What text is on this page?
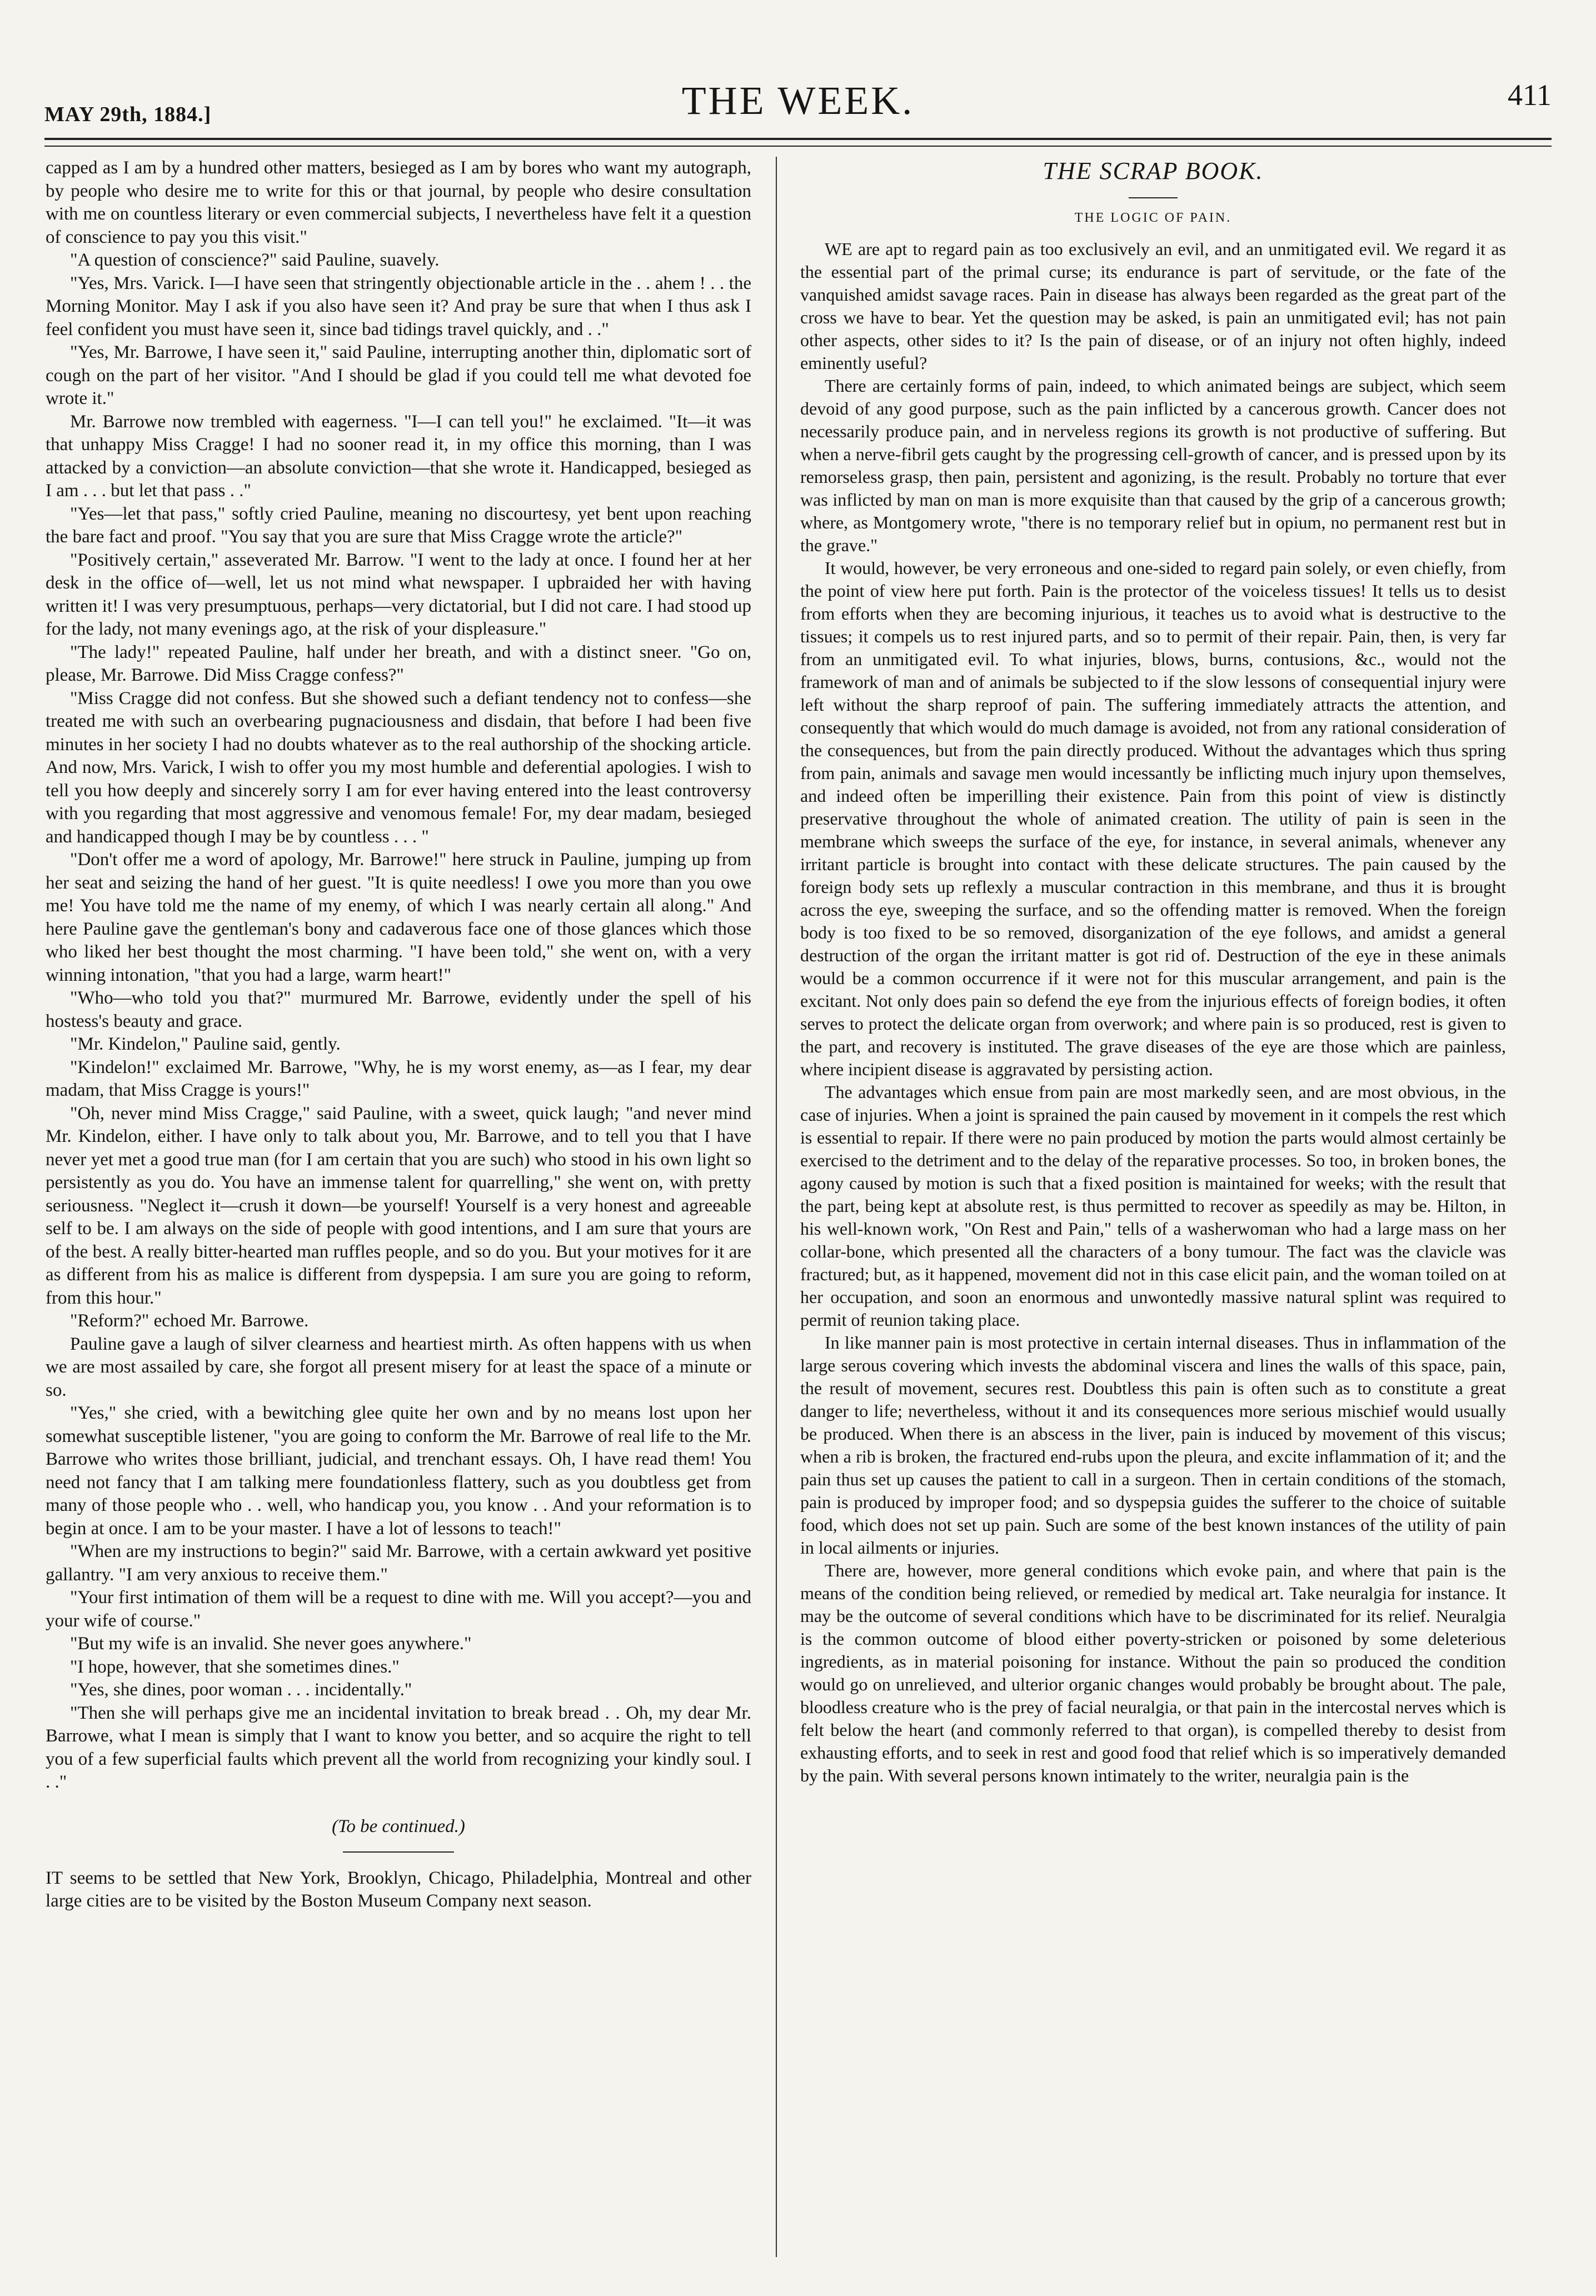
MAY 29th, 1884.]	THE WEEK.	411

capped as I am by a hundred other matters, besieged as I am by bores who want my autograph, by people who desire me to write for this or that journal, by people who desire consultation with me on countless literary or even commercial subjects, I nevertheless have felt it a question of conscience to pay you this visit."

"A question of conscience?" said Pauline, suavely.

"Yes, Mrs. Varick. I—I have seen that stringently objectionable article in the . . ahem ! . . the Morning Monitor. May I ask if you also have seen it? And pray be sure that when I thus ask I feel confident you must have seen it, since bad tidings travel quickly, and . ."

"Yes, Mr. Barrowe, I have seen it," said Pauline, interrupting another thin, diplomatic sort of cough on the part of her visitor. "And I should be glad if you could tell me what devoted foe wrote it."

Mr. Barrowe now trembled with eagerness. "I—I can tell you!" he exclaimed. "It—it was that unhappy Miss Cragge! I had no sooner read it, in my office this morning, than I was attacked by a conviction—an absolute conviction—that she wrote it. Handicapped, besieged as I am . . . but let that pass . ."

"Yes—let that pass," softly cried Pauline, meaning no discourtesy, yet bent upon reaching the bare fact and proof. "You say that you are sure that Miss Cragge wrote the article?"

"Positively certain," asseverated Mr. Barrow. "I went to the lady at once. I found her at her desk in the office of—well, let us not mind what newspaper. I upbraided her with having written it! I was very presumptuous, perhaps—very dictatorial, but I did not care. I had stood up for the lady, not many evenings ago, at the risk of your displeasure."

"The lady!" repeated Pauline, half under her breath, and with a distinct sneer. "Go on, please, Mr. Barrowe. Did Miss Cragge confess?"

"Miss Cragge did not confess. But she showed such a defiant tendency not to confess—she treated me with such an overbearing pugnaciousness and disdain, that before I had been five minutes in her society I had no doubts whatever as to the real authorship of the shocking article. And now, Mrs. Varick, I wish to offer you my most humble and deferential apologies. I wish to tell you how deeply and sincerely sorry I am for ever having entered into the least controversy with you regarding that most aggressive and venomous female! For, my dear madam, besieged and handicapped though I may be by countless . . . "

"Don't offer me a word of apology, Mr. Barrowe!" here struck in Pauline, jumping up from her seat and seizing the hand of her guest. "It is quite needless! I owe you more than you owe me! You have told me the name of my enemy, of which I was nearly certain all along." And here Pauline gave the gentleman's bony and cadaverous face one of those glances which those who liked her best thought the most charming. "I have been told," she went on, with a very winning intonation, "that you had a large, warm heart!"

"Who—who told you that?" murmured Mr. Barrowe, evidently under the spell of his hostess's beauty and grace.

"Mr. Kindelon," Pauline said, gently.

"Kindelon!" exclaimed Mr. Barrowe, "Why, he is my worst enemy, as—as I fear, my dear madam, that Miss Cragge is yours!"

"Oh, never mind Miss Cragge," said Pauline, with a sweet, quick laugh; "and never mind Mr. Kindelon, either. I have only to talk about you, Mr. Barrowe, and to tell you that I have never yet met a good true man (for I am certain that you are such) who stood in his own light so persistently as you do. You have an immense talent for quarrelling," she went on, with pretty seriousness. "Neglect it—crush it down—be yourself! Yourself is a very honest and agreeable self to be. I am always on the side of people with good intentions, and I am sure that yours are of the best. A really bitter-hearted man ruffles people, and so do you. But your motives for it are as different from his as malice is different from dyspepsia. I am sure you are going to reform, from this hour."

"Reform?" echoed Mr. Barrowe.

Pauline gave a laugh of silver clearness and heartiest mirth. As often happens with us when we are most assailed by care, she forgot all present misery for at least the space of a minute or so.

"Yes," she cried, with a bewitching glee quite her own and by no means lost upon her somewhat susceptible listener, "you are going to conform the Mr. Barrowe of real life to the Mr. Barrowe who writes those brilliant, judicial, and trenchant essays. Oh, I have read them! You need not fancy that I am talking mere foundationless flattery, such as you doubtless get from many of those people who . . well, who handicap you, you know . . And your reformation is to begin at once. I am to be your master. I have a lot of lessons to teach!"

"When are my instructions to begin?" said Mr. Barrowe, with a certain awkward yet positive gallantry. "I am very anxious to receive them."

"Your first intimation of them will be a request to dine with me. Will you accept?—you and your wife of course."

"But my wife is an invalid. She never goes anywhere."

"I hope, however, that she sometimes dines."

"Yes, she dines, poor woman . . . incidentally."

"Then she will perhaps give me an incidental invitation to break bread . . Oh, my dear Mr. Barrowe, what I mean is simply that I want to know you better, and so acquire the right to tell you of a few superficial faults which prevent all the world from recognizing your kindly soul. I . ."

(To be continued.)

IT seems to be settled that New York, Brooklyn, Chicago, Philadelphia, Montreal and other large cities are to be visited by the Boston Museum Company next season.

THE SCRAP BOOK.
THE LOGIC OF PAIN.

WE are apt to regard pain as too exclusively an evil, and an unmitigated evil. We regard it as the essential part of the primal curse; its endurance is part of servitude, or the fate of the vanquished amidst savage races. Pain in disease has always been regarded as the great part of the cross we have to bear. Yet the question may be asked, is pain an unmitigated evil; has not pain other aspects, other sides to it? Is the pain of disease, or of an injury not often highly, indeed eminently useful?

There are certainly forms of pain, indeed, to which animated beings are subject, which seem devoid of any good purpose, such as the pain inflicted by a cancerous growth. Cancer does not necessarily produce pain, and in nerveless regions its growth is not productive of suffering. But when a nerve-fibril gets caught by the progressing cell-growth of cancer, and is pressed upon by its remorseless grasp, then pain, persistent and agonizing, is the result. Probably no torture that ever was inflicted by man on man is more exquisite than that caused by the grip of a cancerous growth; where, as Montgomery wrote, "there is no temporary relief but in opium, no permanent rest but in the grave."

It would, however, be very erroneous and one-sided to regard pain solely, or even chiefly, from the point of view here put forth. Pain is the protector of the voiceless tissues! It tells us to desist from efforts when they are becoming injurious, it teaches us to avoid what is destructive to the tissues; it compels us to rest injured parts, and so to permit of their repair. Pain, then, is very far from an unmitigated evil. To what injuries, blows, burns, contusions, &c., would not the framework of man and of animals be subjected to if the slow lessons of consequential injury were left without the sharp reproof of pain. The suffering immediately attracts the attention, and consequently that which would do much damage is avoided, not from any rational consideration of the consequences, but from the pain directly produced. Without the advantages which thus spring from pain, animals and savage men would incessantly be inflicting much injury upon themselves, and indeed often be imperilling their existence. Pain from this point of view is distinctly preservative throughout the whole of animated creation. The utility of pain is seen in the membrane which sweeps the surface of the eye, for instance, in several animals, whenever any irritant particle is brought into contact with these delicate structures. The pain caused by the foreign body sets up reflexly a muscular contraction in this membrane, and thus it is brought across the eye, sweeping the surface, and so the offending matter is removed. When the foreign body is too fixed to be so removed, disorganization of the eye follows, and amidst a general destruction of the organ the irritant matter is got rid of. Destruction of the eye in these animals would be a common occurrence if it were not for this muscular arrangement, and pain is the excitant. Not only does pain so defend the eye from the injurious effects of foreign bodies, it often serves to protect the delicate organ from overwork; and where pain is so produced, rest is given to the part, and recovery is instituted. The grave diseases of the eye are those which are painless, where incipient disease is aggravated by persisting action.

The advantages which ensue from pain are most markedly seen, and are most obvious, in the case of injuries. When a joint is sprained the pain caused by movement in it compels the rest which is essential to repair. If there were no pain produced by motion the parts would almost certainly be exercised to the detriment and to the delay of the reparative processes. So too, in broken bones, the agony caused by motion is such that a fixed position is maintained for weeks; with the result that the part, being kept at absolute rest, is thus permitted to recover as speedily as may be. Hilton, in his well-known work, "On Rest and Pain," tells of a washerwoman who had a large mass on her collar-bone, which presented all the characters of a bony tumour. The fact was the clavicle was fractured; but, as it happened, movement did not in this case elicit pain, and the woman toiled on at her occupation, and soon an enormous and unwontedly massive natural splint was required to permit of reunion taking place.

In like manner pain is most protective in certain internal diseases. Thus in inflammation of the large serous covering which invests the abdominal viscera and lines the walls of this space, pain, the result of movement, secures rest. Doubtless this pain is often such as to constitute a great danger to life; nevertheless, without it and its consequences more serious mischief would usually be produced. When there is an abscess in the liver, pain is induced by movement of this viscus; when a rib is broken, the fractured end-rubs upon the pleura, and excite inflammation of it; and the pain thus set up causes the patient to call in a surgeon. Then in certain conditions of the stomach, pain is produced by improper food; and so dyspepsia guides the sufferer to the choice of suitable food, which does not set up pain. Such are some of the best known instances of the utility of pain in local ailments or injuries.

There are, however, more general conditions which evoke pain, and where that pain is the means of the condition being relieved, or remedied by medical art. Take neuralgia for instance. It may be the outcome of several conditions which have to be discriminated for its relief. Neuralgia is the common outcome of blood either poverty-stricken or poisoned by some deleterious ingredients, as in material poisoning for instance. Without the pain so produced the condition would go on unrelieved, and ulterior organic changes would probably be brought about. The pale, bloodless creature who is the prey of facial neuralgia, or that pain in the intercostal nerves which is felt below the heart (and commonly referred to that organ), is compelled thereby to desist from exhausting efforts, and to seek in rest and good food that relief which is so imperatively demanded by the pain. With several persons known intimately to the writer, neuralgia pain is the
